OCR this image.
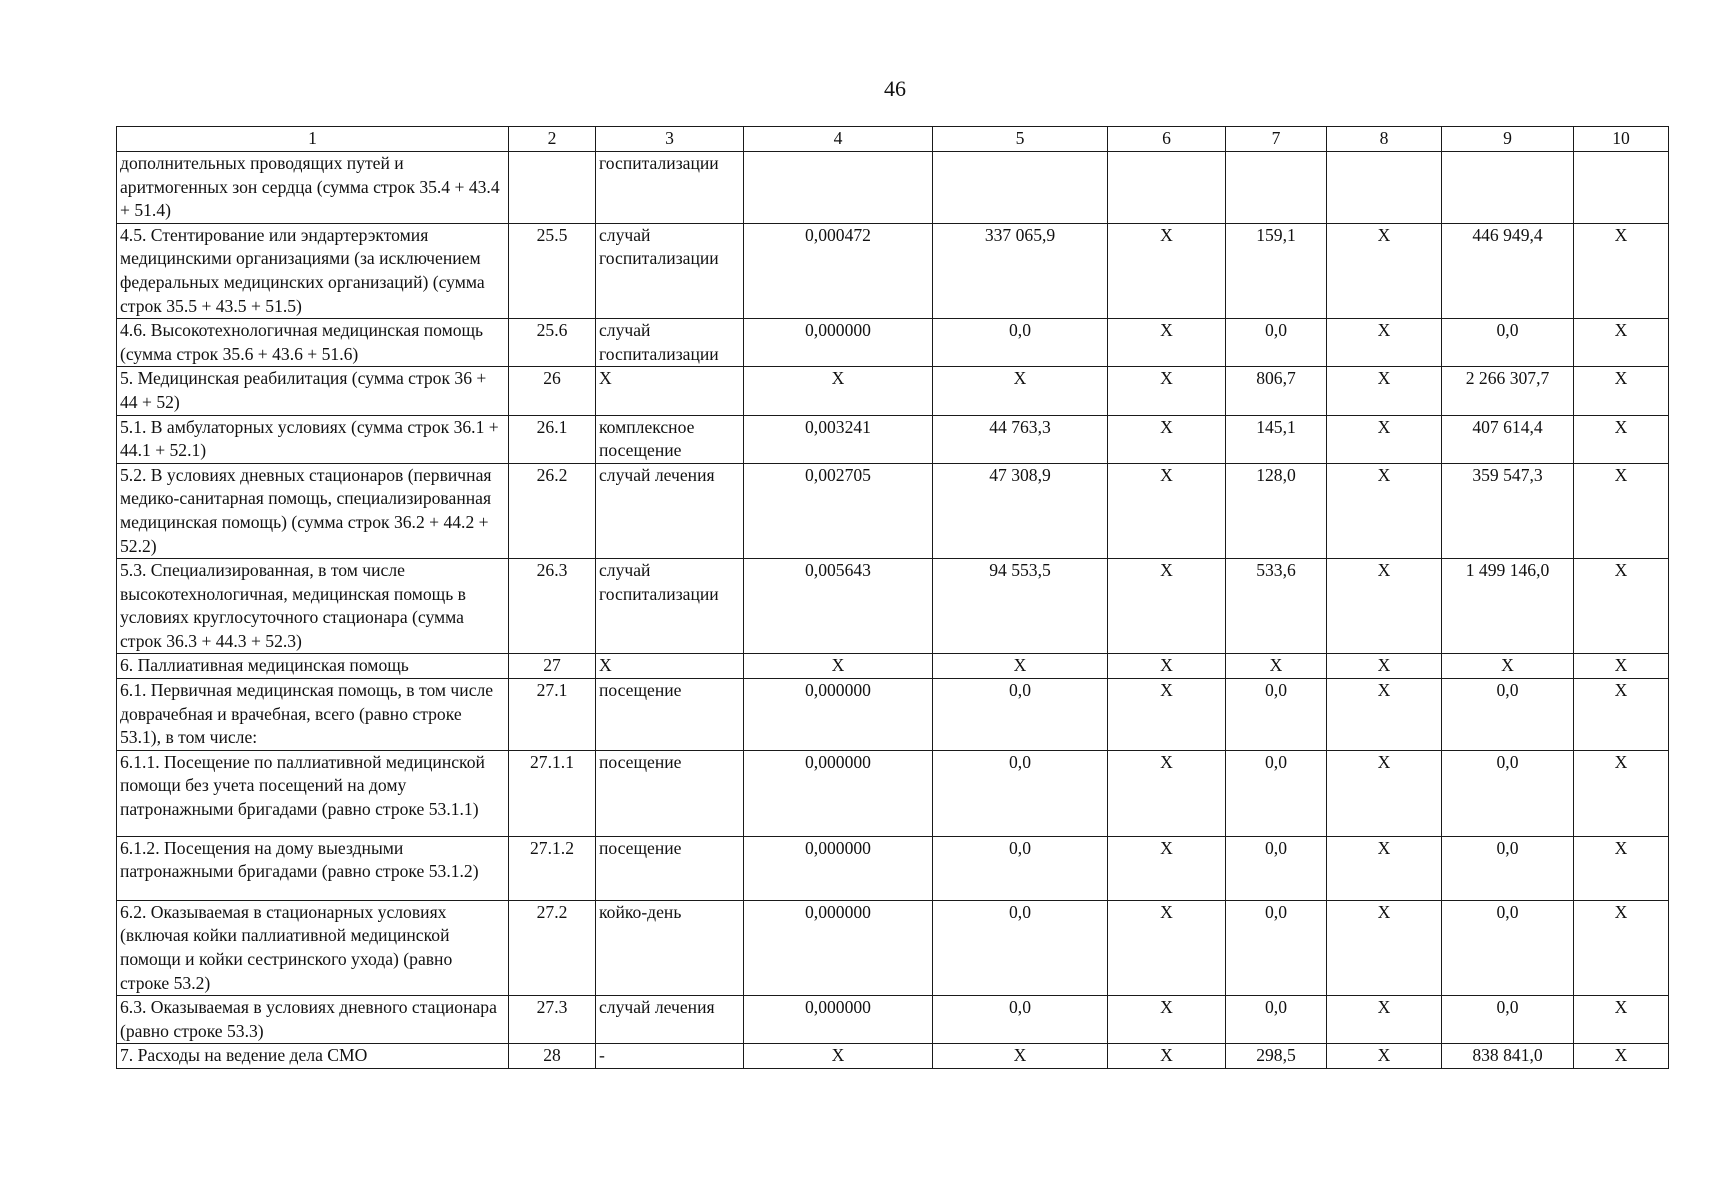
46
1	2	3	4	5	6	7	8	9	10
дополнительных проводящих путей и аритмогенных зон сердца (сумма строк 35.4 + 43.4 + 51.4)		госпитализации							
4.5. Стентирование или эндартерэктомия медицинскими организациями (за исключением федеральных медицинских организаций) (сумма строк 35.5 + 43.5 + 51.5)	25.5	случай госпитализации	0,000472	337 065,9	X	159,1	X	446 949,4	X
4.6. Высокотехнологичная медицинская помощь (сумма строк 35.6 + 43.6 + 51.6)	25.6	случай госпитализации	0,000000	0,0	X	0,0	X	0,0	X
5. Медицинская реабилитация (сумма строк 36 + 44 + 52)	26	X	X	X	X	806,7	X	2 266 307,7	X
5.1. В амбулаторных условиях (сумма строк 36.1 + 44.1 + 52.1)	26.1	комплексное посещение	0,003241	44 763,3	X	145,1	X	407 614,4	X
5.2. В условиях дневных стационаров (первичная медико-санитарная помощь, специализированная медицинская помощь) (сумма строк 36.2 + 44.2 + 52.2)	26.2	случай лечения	0,002705	47 308,9	X	128,0	X	359 547,3	X
5.3. Специализированная, в том числе высокотехнологичная, медицинская помощь в условиях круглосуточного стационара (сумма строк 36.3 + 44.3 + 52.3)	26.3	случай госпитализации	0,005643	94 553,5	X	533,6	X	1 499 146,0	X
6. Паллиативная медицинская помощь	27	X	X	X	X	X	X	X	X
6.1. Первичная медицинская помощь, в том числе доврачебная и врачебная, всего (равно строке 53.1), в том числе:	27.1	посещение	0,000000	0,0	X	0,0	X	0,0	X
6.1.1. Посещение по паллиативной медицинской помощи без учета посещений на дому патронажными бригадами (равно строке 53.1.1)	27.1.1	посещение	0,000000	0,0	X	0,0	X	0,0	X
6.1.2. Посещения на дому выездными патронажными бригадами (равно строке 53.1.2)	27.1.2	посещение	0,000000	0,0	X	0,0	X	0,0	X
6.2. Оказываемая в стационарных условиях (включая койки паллиативной медицинской помощи и койки сестринского ухода) (равно строке 53.2)	27.2	койко-день	0,000000	0,0	X	0,0	X	0,0	X
6.3. Оказываемая в условиях дневного стационара (равно строке 53.3)	27.3	случай лечения	0,000000	0,0	X	0,0	X	0,0	X
7. Расходы на ведение дела СМО	28	-	X	X	X	298,5	X	838 841,0	X
